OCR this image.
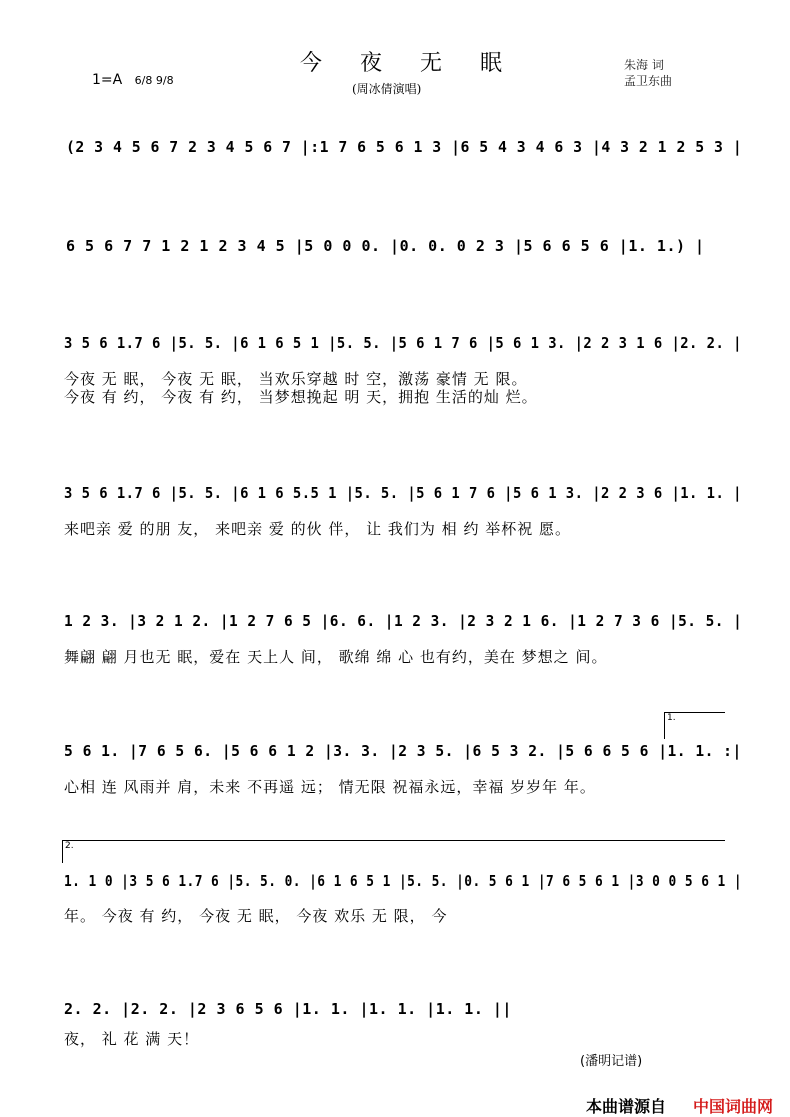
今夜无眠
(周冰倩演唱)
1=A 6/8 9/8
朱海 词
孟卫东曲
(2 3 4 5 6 7 2 3 4 5 6 7 |:1 7 6 5 6 1 3 |6 5 4 3 4 6 3 |4 3 2 1 2 5 3 |
6 5 6 7 7 1 2 1 2 3 4 5 |5 0 0 0. |0. 0. 0 2 3 |5 6 6 5 6 |1. 1.) |
3 5 6 1.7 6 |5. 5. |6 1 6 5 1 |5. 5. |5 6 1 7 6 |5 6 1 3. |2 2 3 1 6 |2. 2. |
今夜 无 眠， 今夜 无 眠， 当欢乐穿越 时 空，激荡 豪情 无 限。
今夜 有 约， 今夜 有 约， 当梦想挽起 明 天，拥抱 生活的灿 烂。
3 5 6 1.7 6 |5. 5. |6 1 6 5.5 1 |5. 5. |5 6 1 7 6 |5 6 1 3. |2 2 3 6 |1. 1. |
来吧亲 爱 的朋 友， 来吧亲 爱 的伙 伴， 让 我们为 相 约 举杯祝 愿。
1 2 3. |3 2 1 2. |1 2 7 6 5 |6. 6. |1 2 3. |2 3 2 1 6. |1 2 7 3 6 |5. 5. |
舞翩 翩 月也无 眠，爱在 天上人 间， 歌绵 绵 心 也有约，美在 梦想之 间。
1.
5 6 1. |7 6 5 6. |5 6 6 1 2 |3. 3. |2 3 5. |6 5 3 2. |5 6 6 5 6 |1. 1. :|
心相 连 风雨并 肩，未来 不再遥 远； 情无限 祝福永远，幸福 岁岁年 年。
2.
1. 1 0 |3 5 6 1.7 6 |5. 5. 0. |6 1 6 5 1 |5. 5. |0. 5 6 1 |7 6 5 6 1 |3 0 0 5 6 1 |
年。 今夜 有 约， 今夜 无 眠， 今夜 欢乐 无 限， 今
2. 2. |2. 2. |2 3 6 5 6 |1. 1. |1. 1. |1. 1. ||
夜， 礼 花 满 天！
(潘明记谱)
本曲谱源自 中国词曲网
